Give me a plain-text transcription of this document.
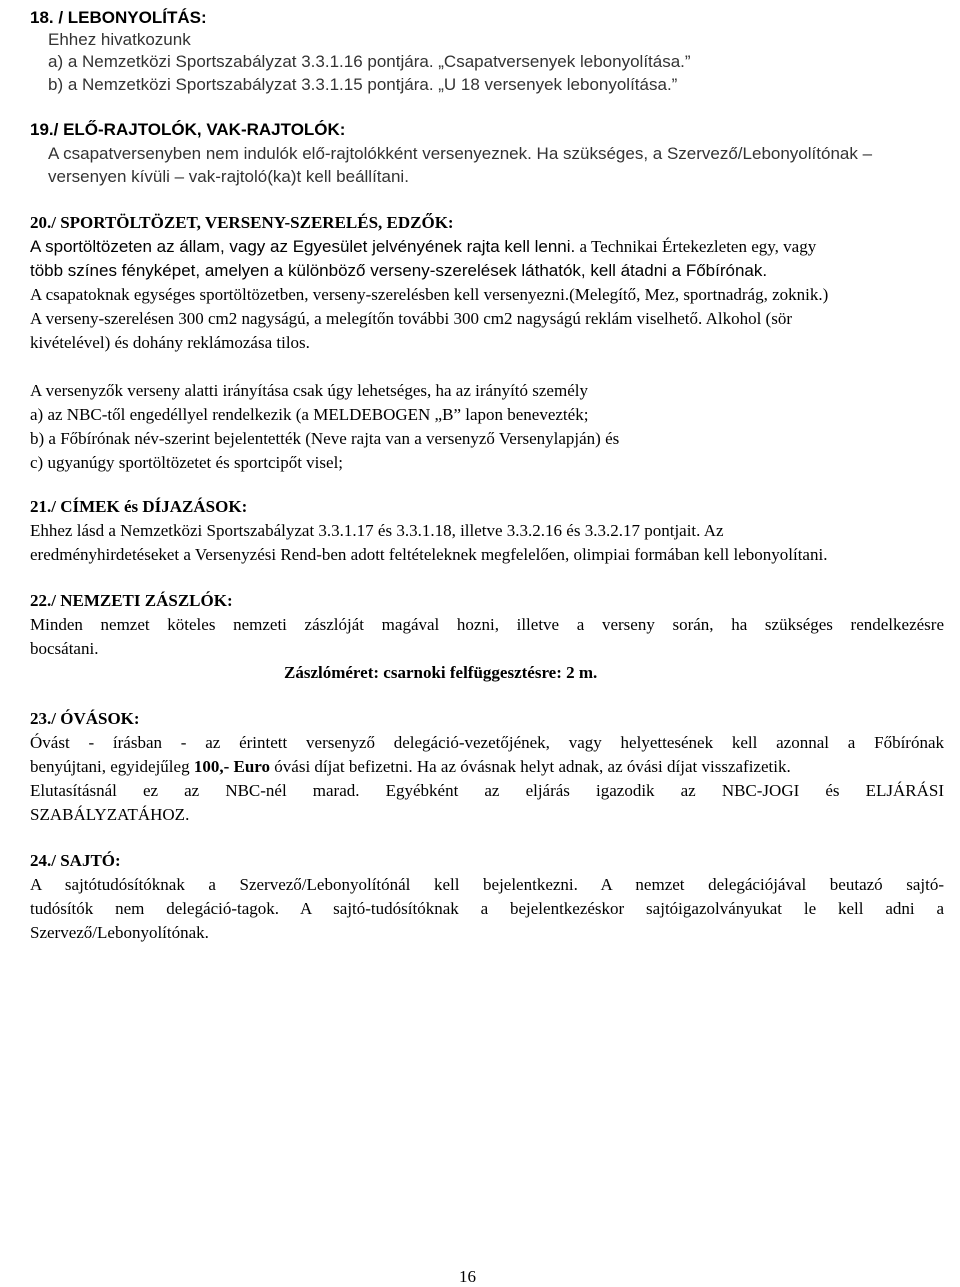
18. / LEBONYOLÍTÁS:
Ehhez hivatkozunk
a) a Nemzetközi Sportszabályzat 3.3.1.16 pontjára. „Csapatversenyek lebonyolítása.”
b) a Nemzetközi Sportszabályzat 3.3.1.15 pontjára. „U 18 versenyek lebonyolítása.”
19./ ELŐ-RAJTOLÓK, VAK-RAJTOLÓK:
A csapatversenyben nem indulók elő-rajtolókként versenyeznek. Ha szükséges, a Szervező/Lebonyolítónak –
versenyen kívüli – vak-rajtoló(ka)t kell beállítani.
20./ SPORTÖLTÖZET, VERSENY-SZERELÉS, EDZŐK:
A sportöltözeten az állam, vagy az Egyesület jelvényének rajta kell lenni. a Technikai Értekezleten egy, vagy
több színes fényképet, amelyen a különböző verseny-szerelések láthatók, kell átadni a Főbírónak.
A csapatoknak egységes sportöltözetben, verseny-szerelésben kell versenyezni.(Melegítő, Mez, sportnadrág, zoknik.)
A verseny-szerelésen 300 cm2 nagyságú, a melegítőn további 300 cm2 nagyságú reklám viselhető. Alkohol (sör
kivételével) és dohány reklámozása tilos.
A versenyzők verseny alatti irányítása csak úgy lehetséges, ha az irányító személy
a) az NBC-től engedéllyel rendelkezik (a MELDEBOGEN „B” lapon benevezték;
b) a Főbírónak név-szerint bejelentették (Neve rajta van a versenyző Versenylapján) és
c) ugyanúgy sportöltözetet és sportcipőt visel;
21./ CÍMEK és DÍJAZÁSOK:
Ehhez lásd a Nemzetközi Sportszabályzat 3.3.1.17 és 3.3.1.18, illetve 3.3.2.16 és 3.3.2.17 pontjait. Az
eredményhirdetéseket a Versenyzési Rend-ben adott feltételeknek megfelelően, olimpiai formában kell lebonyolítani.
22./ NEMZETI ZÁSZLÓK:
Minden nemzet köteles nemzeti zászlóját magával hozni, illetve a verseny során, ha szükséges rendelkezésre
bocsátani.
Zászlóméret: csarnoki felfüggesztésre: 2 m.
23./ ÓVÁSOK:
Óvást - írásban - az érintett versenyző delegáció-vezetőjének, vagy helyettesének kell azonnal a Főbírónak
benyújtani, egyidejűleg 100,- Euro óvási díjat befizetni. Ha az óvásnak helyt adnak, az óvási díjat visszafizetik.
Elutasításnál ez az NBC-nél marad. Egyébként az eljárás igazodik az NBC-JOGI és ELJÁRÁSI
SZABÁLYZATÁHOZ.
24./ SAJTÓ:
A sajtótudósítóknak a Szervező/Lebonyolítónál kell bejelentkezni. A nemzet delegációjával beutazó sajtó-
tudósítók nem delegáció-tagok. A sajtó-tudósítóknak a bejelentkezéskor sajtóigazolványukat le kell adni a
Szervező/Lebonyolítónak.
16
